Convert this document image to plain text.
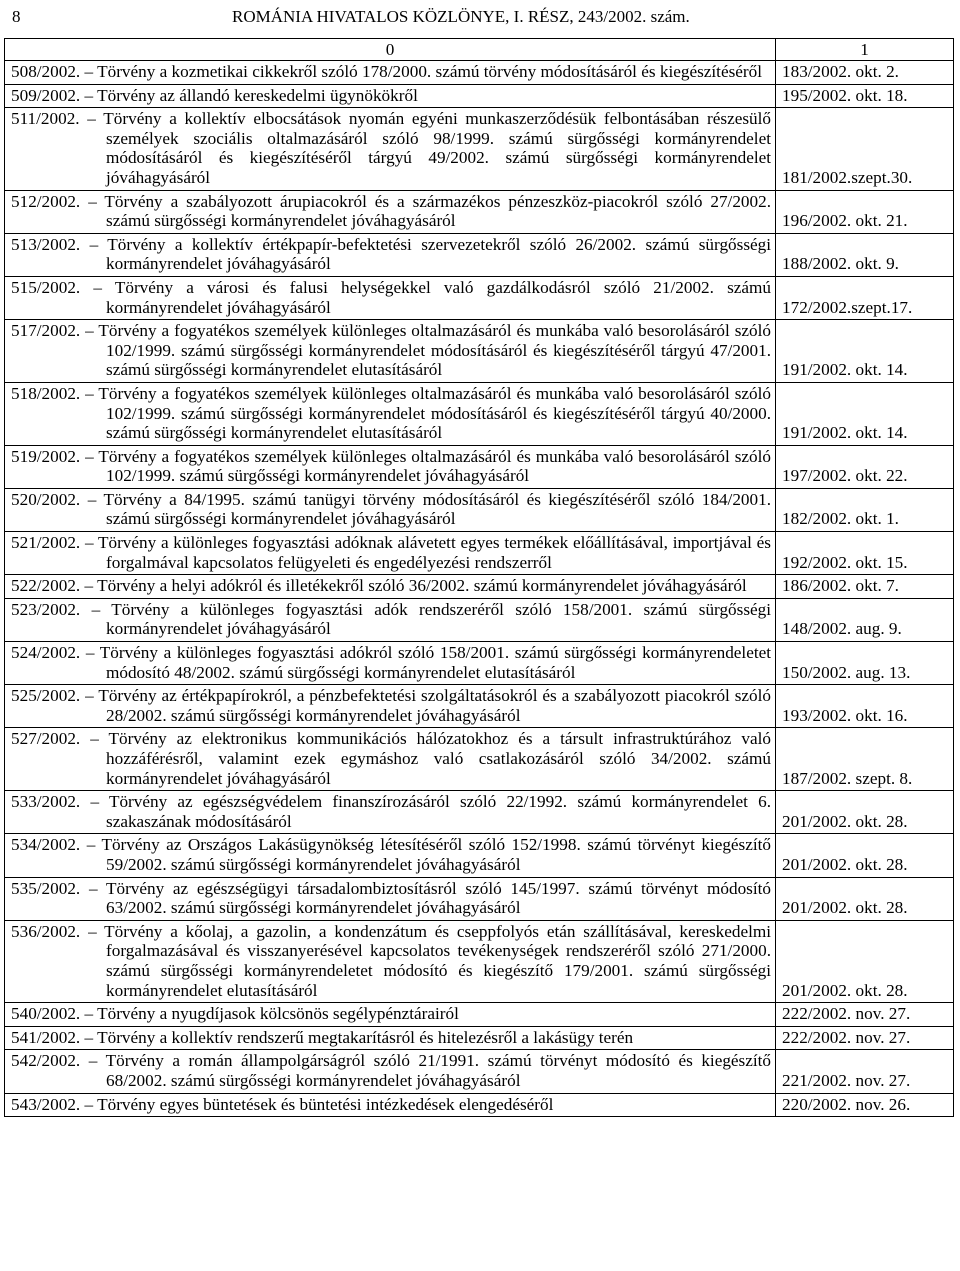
8	ROMÁNIA HIVATALOS KÖZLÖNYE, I. RÉSZ, 243/2002. szám.
0	1

508/2002. – Törvény a kozmetikai cikkekről szóló 178/2000. számú törvény módosításáról és kiegészítéséről	183/2002. okt. 2.

509/2002. – Törvény az állandó kereskedelmi ügynökökről	195/2002. okt. 18.

511/2002. – Törvény a kollektív elbocsátások nyomán egyéni munkaszerződésük felbontásában részesülő személyek szociális oltalmazásáról szóló 98/1999. számú sürgősségi kormányrendelet módosításáról és kiegészítéséről tárgyú 49/2002. számú sürgősségi kormányrendelet jóváhagyásáról	181/2002.szept.30.

512/2002. – Törvény a szabályozott árupiacokról és a származékos pénzeszköz-piacokról szóló 27/2002. számú sürgősségi kormányrendelet jóváhagyásáról	196/2002. okt. 21.

513/2002. – Törvény a kollektív értékpapír-befektetési szervezetekről szóló 26/2002. számú sürgősségi kormányrendelet jóváhagyásáról	188/2002. okt. 9.

515/2002. – Törvény a városi és falusi helységekkel való gazdálkodásról szóló 21/2002. számú kormányrendelet jóváhagyásáról	172/2002.szept.17.

517/2002. – Törvény a fogyatékos személyek különleges oltalmazásáról és munkába való besorolásáról szóló 102/1999. számú sürgősségi kormányrendelet módosításáról és kiegészítéséről tárgyú 47/2001. számú sürgősségi kormányrendelet elutasításáról	191/2002. okt. 14.

518/2002. – Törvény a fogyatékos személyek különleges oltalmazásáról és munkába való besorolásáról szóló 102/1999. számú sürgősségi kormányrendelet módosításáról és kiegészítéséről tárgyú 40/2000. számú sürgősségi kormányrendelet elutasításáról	191/2002. okt. 14.

519/2002. – Törvény a fogyatékos személyek különleges oltalmazásáról és munkába való besorolásáról szóló 102/1999. számú sürgősségi kormányrendelet jóváhagyásáról	197/2002. okt. 22.

520/2002. – Törvény a 84/1995. számú tanügyi törvény módosításáról és kiegészítéséről szóló 184/2001. számú sürgősségi kormányrendelet jóváhagyásáról	182/2002. okt. 1.

521/2002. – Törvény a különleges fogyasztási adóknak alávetett egyes termékek előállításával, importjával és forgalmával kapcsolatos felügyeleti és engedélyezési rendszerről	192/2002. okt. 15.

522/2002. – Törvény a helyi adókról és illetékekről szóló 36/2002. számú kormányrendelet jóváhagyásáról	186/2002. okt. 7.

523/2002. – Törvény a különleges fogyasztási adók rendszeréről szóló 158/2001. számú sürgősségi kormányrendelet jóváhagyásáról	148/2002. aug. 9.

524/2002. – Törvény a különleges fogyasztási adókról szóló 158/2001. számú sürgősségi kormányrendeletet módosító 48/2002. számú sürgősségi kormányrendelet elutasításáról	150/2002. aug. 13.

525/2002. – Törvény az értékpapírokról, a pénzbefektetési szolgáltatásokról és a szabályozott piacokról szóló 28/2002. számú sürgősségi kormányrendelet jóváhagyásáról	193/2002. okt. 16.

527/2002. – Törvény az elektronikus kommunikációs hálózatokhoz és a társult infrastruktúrához való hozzáférésről, valamint ezek egymáshoz való csatlakozásáról szóló 34/2002. számú kormányrendelet jóváhagyásáról	187/2002. szept. 8.

533/2002. – Törvény az egészségvédelem finanszírozásáról szóló 22/1992. számú kormányrendelet 6. szakaszának módosításáról	201/2002. okt. 28.

534/2002. – Törvény az Országos Lakásügynökség létesítéséről szóló 152/1998. számú törvényt kiegészítő 59/2002. számú sürgősségi kormányrendelet jóváhagyásáról	201/2002. okt. 28.

535/2002. – Törvény az egészségügyi társadalombiztosításról szóló 145/1997. számú törvényt módosító 63/2002. számú sürgősségi kormányrendelet jóváhagyásáról	201/2002. okt. 28.

536/2002. – Törvény a kőolaj, a gazolin, a kondenzátum és cseppfolyós etán szállításával, kereskedelmi forgalmazásával és visszanyerésével kapcsolatos tevékenységek rendszeréről szóló 271/2000. számú sürgősségi kormányrendeletet módosító és kiegészítő 179/2001. számú sürgősségi kormányrendelet elutasításáról	201/2002. okt. 28.

540/2002. – Törvény a nyugdíjasok kölcsönös segélypénztárairól	222/2002. nov. 27.

541/2002. – Törvény a kollektív rendszerű megtakarításról és hitelezésről a lakásügy terén	222/2002. nov. 27.

542/2002. – Törvény a román állampolgárságról szóló 21/1991. számú törvényt módosító és kiegészítő 68/2002. számú sürgősségi kormányrendelet jóváhagyásáról	221/2002. nov. 27.

543/2002. – Törvény egyes büntetések és büntetési intézkedések elengedéséről	220/2002. nov. 26.
